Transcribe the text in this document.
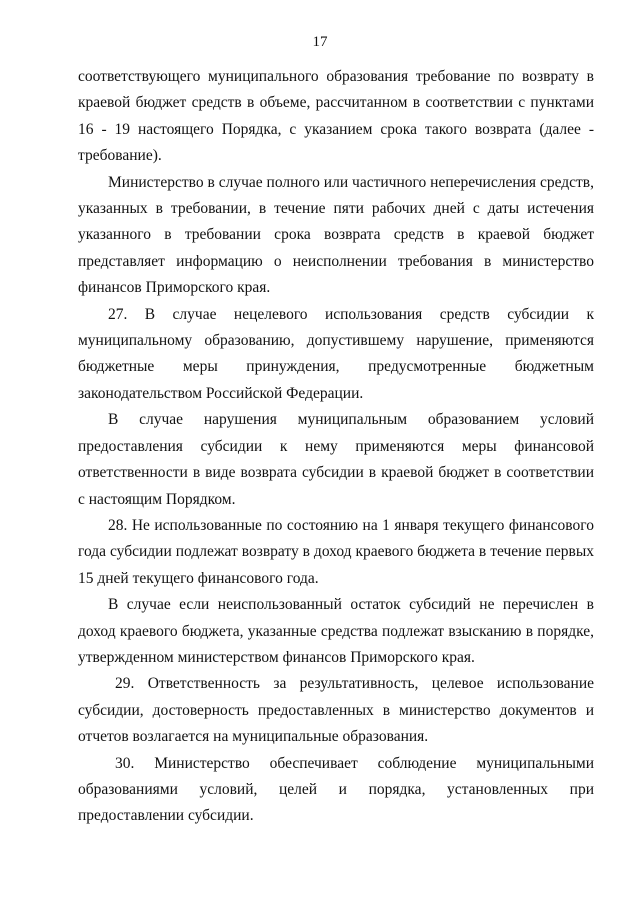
17

соответствующего муниципального образования требование по возврату в краевой бюджет средств в объеме, рассчитанном в соответствии с пунктами 16 - 19 настоящего Порядка, с указанием срока такого возврата (далее - требование).

Министерство в случае полного или частичного неперечисления средств, указанных в требовании, в течение пяти рабочих дней с даты истечения указанного в требовании срока возврата средств в краевой бюджет представляет информацию о неисполнении требования в министерство финансов Приморского края.

27. В случае нецелевого использования средств субсидии к муниципальному образованию, допустившему нарушение, применяются бюджетные меры принуждения, предусмотренные бюджетным законодательством Российской Федерации.

В случае нарушения муниципальным образованием условий предоставления субсидии к нему применяются меры финансовой ответственности в виде возврата субсидии в краевой бюджет в соответствии с настоящим Порядком.

28. Не использованные по состоянию на 1 января текущего финансового года субсидии подлежат возврату в доход краевого бюджета в течение первых 15 дней текущего финансового года.

В случае если неиспользованный остаток субсидий не перечислен в доход краевого бюджета, указанные средства подлежат взысканию в порядке, утвержденном министерством финансов Приморского края.

29. Ответственность за результативность, целевое использование субсидии, достоверность предоставленных в министерство документов и отчетов возлагается на муниципальные образования.

30. Министерство обеспечивает соблюдение муниципальными образованиями условий, целей и порядка, установленных при предоставлении субсидии.
